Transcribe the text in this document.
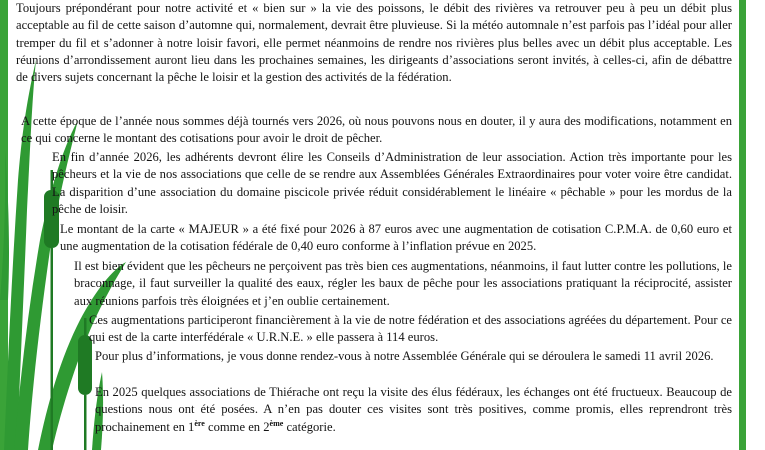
Toujours prépondérant pour notre activité et « bien sur » la vie des poissons, le débit des rivières va retrouver peu à peu un débit plus acceptable au fil de cette saison d’automne qui, normalement, devrait être pluvieuse. Si la météo automnale n’est parfois pas l’idéal pour aller tremper du fil et s’adonner à notre loisir favori, elle permet néanmoins de rendre nos rivières plus belles avec un débit plus acceptable. Les réunions d’arrondissement auront lieu dans les prochaines semaines, les dirigeants d’associations seront invités, à celles-ci, afin de débattre de divers sujets concernant la pêche le loisir et la gestion des activités de la fédération.

A cette époque de l’année nous sommes déjà tournés vers 2026, où nous pouvons nous en douter, il y aura des modifications, notamment en ce qui concerne le montant des cotisations pour avoir le droit de pêcher.

En fin d’année 2026, les adhérents devront élire les Conseils d’Administration de leur association. Action très importante pour les pêcheurs et la vie de nos associations que celle de se rendre aux Assemblées Générales Extraordinaires pour voter voire être candidat. La disparition d’une association du domaine piscicole privée réduit considérablement le linéaire « pêchable » pour les mordus de la pêche de loisir.

Le montant de la carte « MAJEUR » a été fixé pour 2026 à 87 euros avec une augmentation de cotisation C.P.M.A. de 0,60 euro et une augmentation de la cotisation fédérale de 0,40 euro conforme à l’inflation prévue en 2025.

Il est bien évident que les pêcheurs ne perçoivent pas très bien ces augmentations, néanmoins, il faut lutter contre les pollutions, le braconnage, il faut surveiller la qualité des eaux, régler les baux de pêche pour les associations pratiquant la réciprocité, assister aux réunions parfois très éloignées et j’en oublie certainement.

Ces augmentations participeront financièrement à la vie de notre fédération et des associations agréées du département. Pour ce qui est de la carte interfédérale « U.R.N.E. » elle passera à 114 euros.

Pour plus d’informations, je vous donne rendez-vous à notre Assemblée Générale qui se déroulera le samedi 11 avril 2026.

En 2025 quelques associations de Thiérache ont reçu la visite des élus fédéraux, les échanges ont été fructueux. Beaucoup de questions nous ont été posées. A n’en pas douter ces visites sont très positives, comme promis, elles reprendront très prochainement en 1ère comme en 2ème catégorie.
